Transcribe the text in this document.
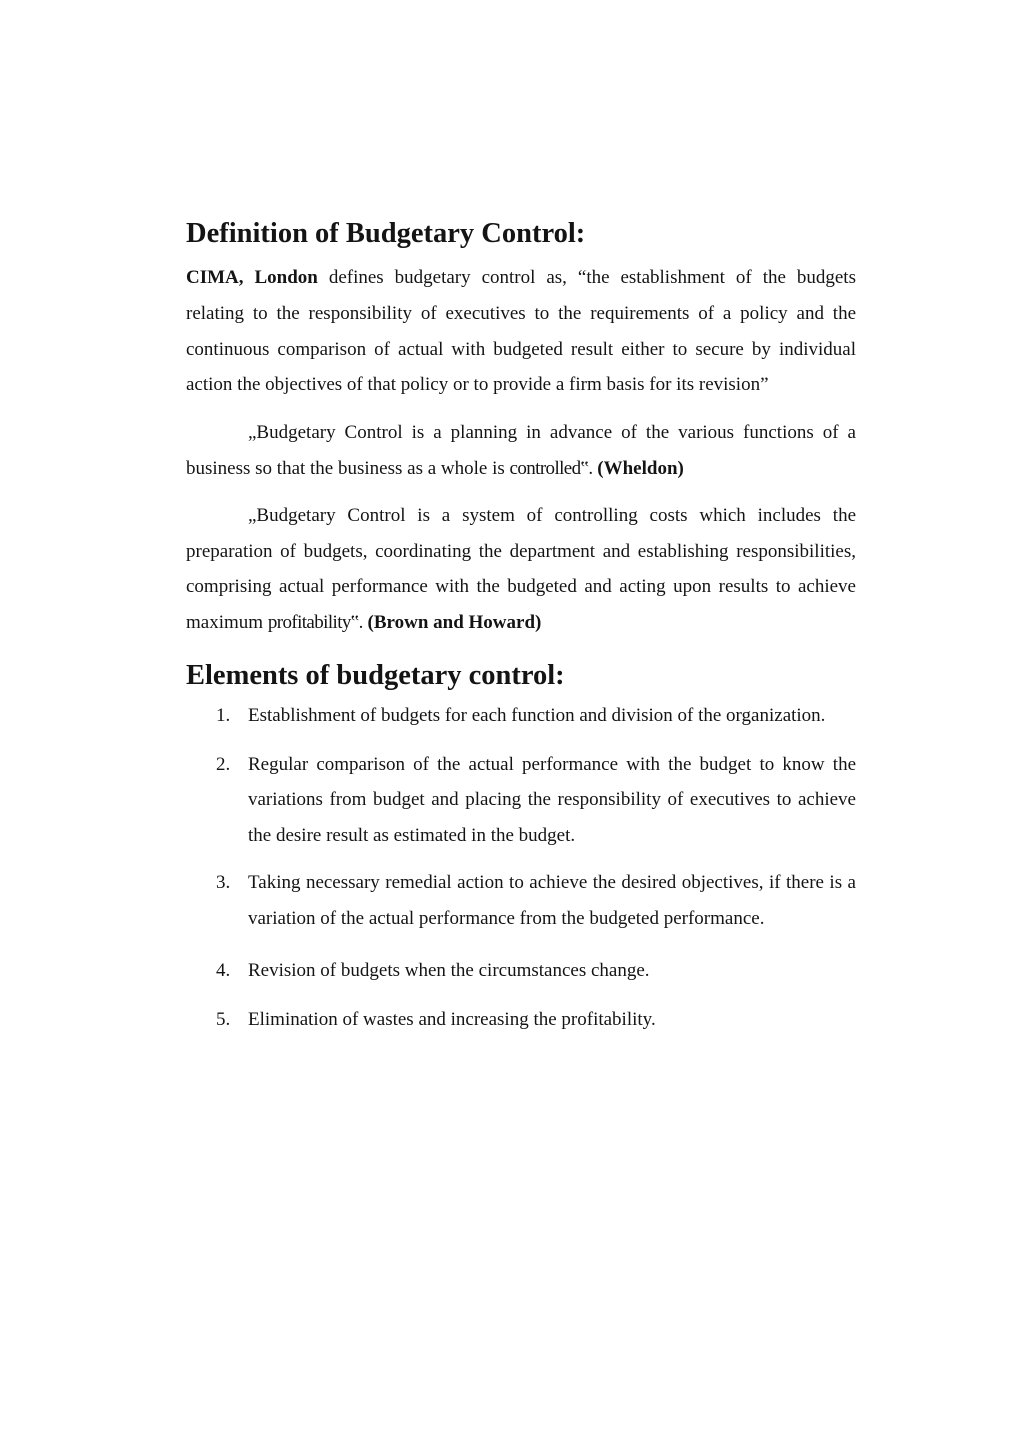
Definition of Budgetary Control:

CIMA, London defines budgetary control as, “the establishment of the budgets relating to the responsibility of executives to the requirements of a policy and the continuous comparison of actual with budgeted result either to secure by individual action the objectives of that policy or to provide a firm basis for its revision”

„Budgetary Control is a planning in advance of the various functions of a business so that the business as a whole is controlled‟. (Wheldon)

„Budgetary Control is a system of controlling costs which includes the preparation of budgets, coordinating the department and establishing responsibilities, comprising actual performance with the budgeted and acting upon results to achieve maximum profitability‟. (Brown and Howard)

Elements of budgetary control:
1. Establishment of budgets for each function and division of the organization.
2. Regular comparison of the actual performance with the budget to know the variations from budget and placing the responsibility of executives to achieve the desire result as estimated in the budget.
3. Taking necessary remedial action to achieve the desired objectives, if there is a variation of the actual performance from the budgeted performance.
4. Revision of budgets when the circumstances change.
5. Elimination of wastes and increasing the profitability.
